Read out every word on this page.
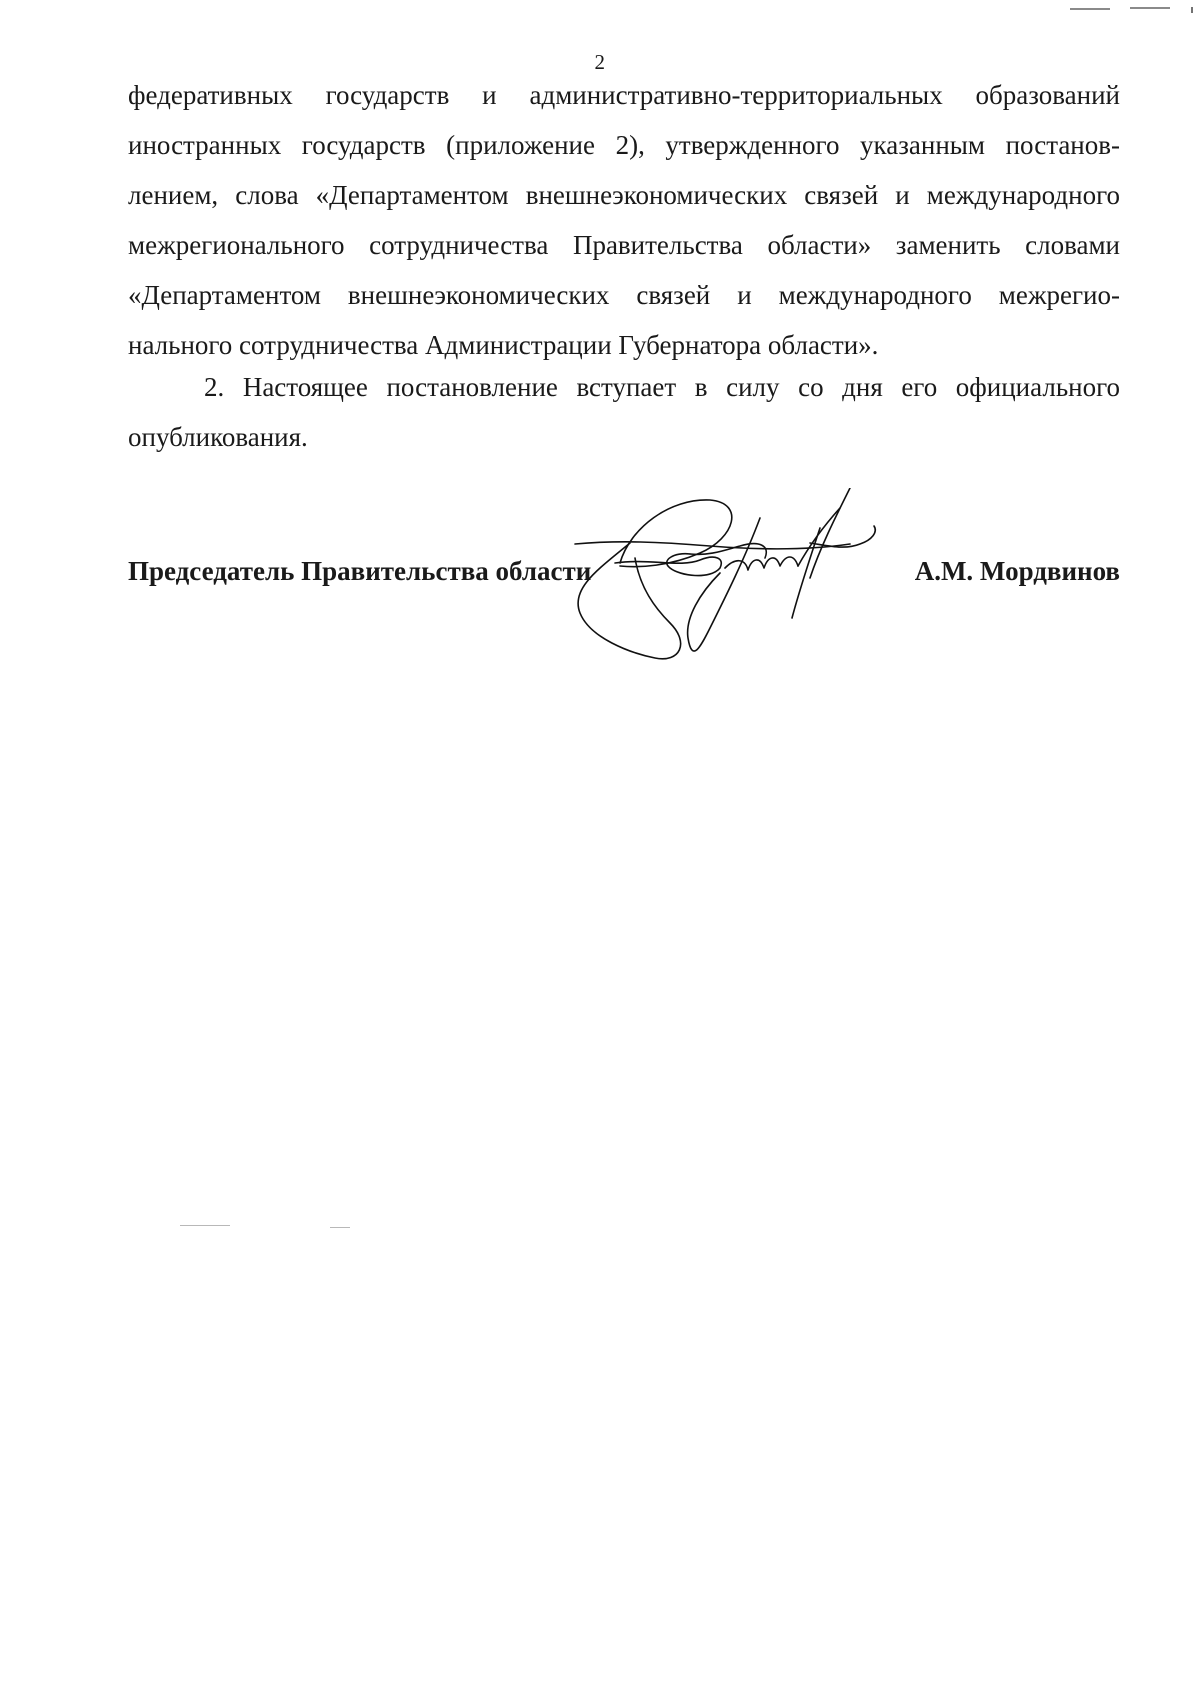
2
федеративных государств и административно-территориальных образований
иностранных государств (приложение 2), утвержденного указанным постанов-
лением, слова «Департаментом внешнеэкономических связей и международного
межрегионального сотрудничества Правительства области» заменить словами
«Департаментом внешнеэкономических связей и международного межрегио-
нального сотрудничества Администрации Губернатора области».
2. Настоящее постановление вступает в силу со дня его официального
опубликования.
Председатель Правительства области	А.М. Мордвинов
